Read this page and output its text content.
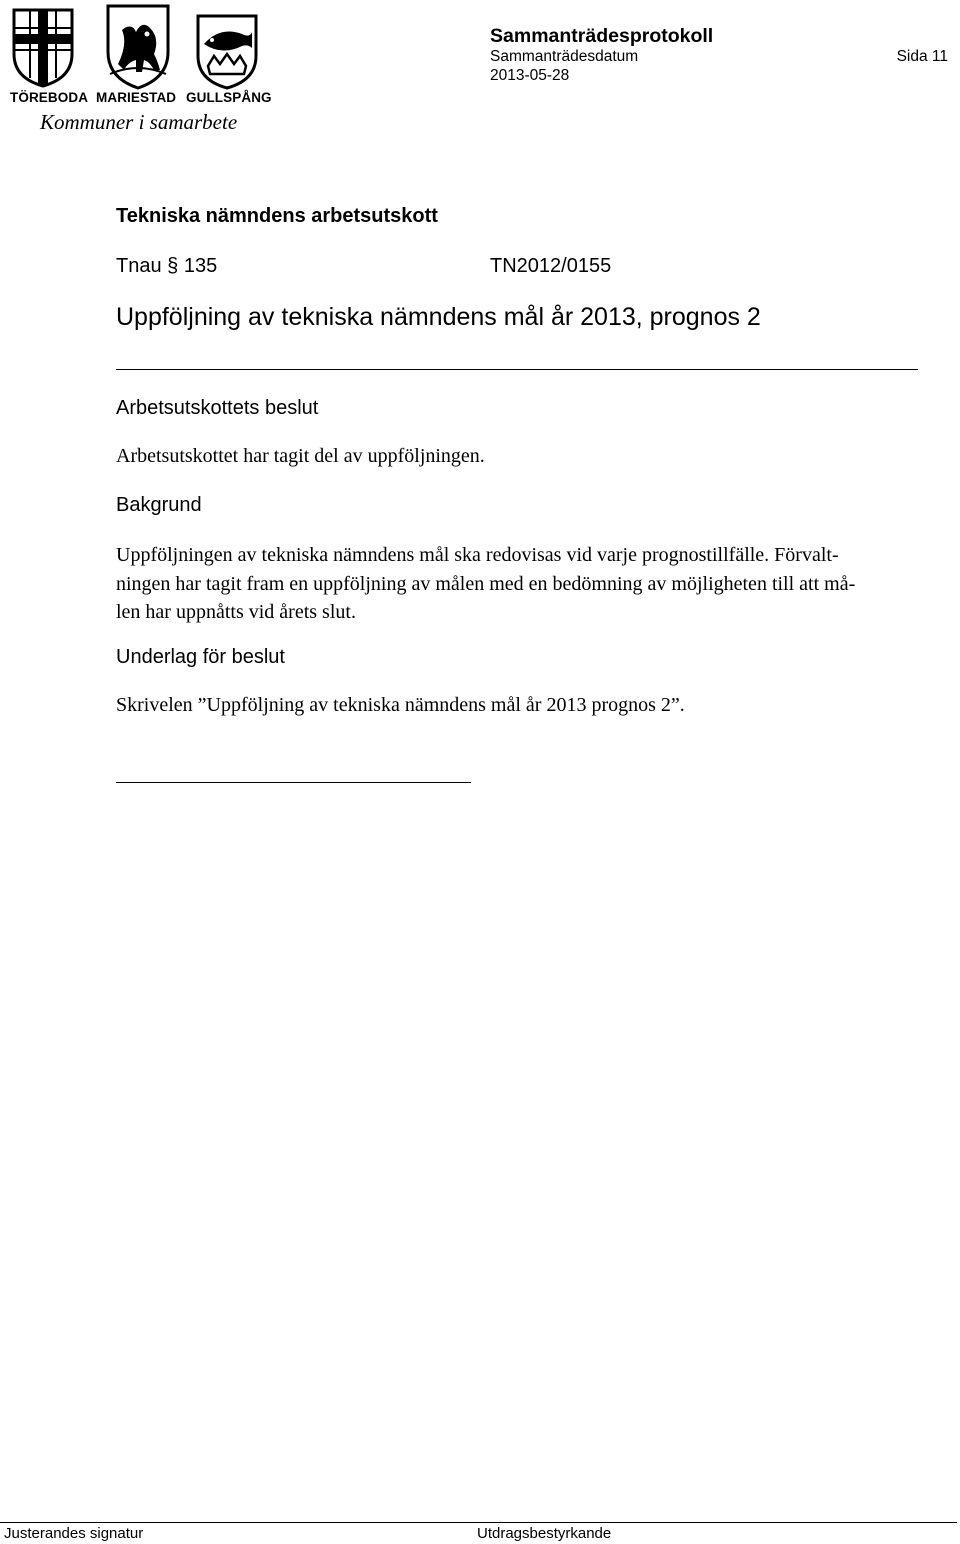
TÖREBODA MARIESTAD GULLSPÅNG
Kommuner i samarbete
Sammanträdesprotokoll
Sammanträdesdatum
2013-05-28
Sida 11
Tekniska nämndens arbetsutskott
Tnau § 135	TN2012/0155
Uppföljning av tekniska nämndens mål år 2013, prognos 2
Arbetsutskottets beslut
Arbetsutskottet har tagit del av uppföljningen.
Bakgrund
Uppföljningen av tekniska nämndens mål ska redovisas vid varje prognostillfälle. Förvalt-
ningen har tagit fram en uppföljning av målen med en bedömning av möjligheten till att må-
len har uppnåtts vid årets slut.
Underlag för beslut
Skrivelen ”Uppföljning av tekniska nämndens mål år 2013 prognos 2”.
Justerandes signatur	Utdragsbestyrkande
